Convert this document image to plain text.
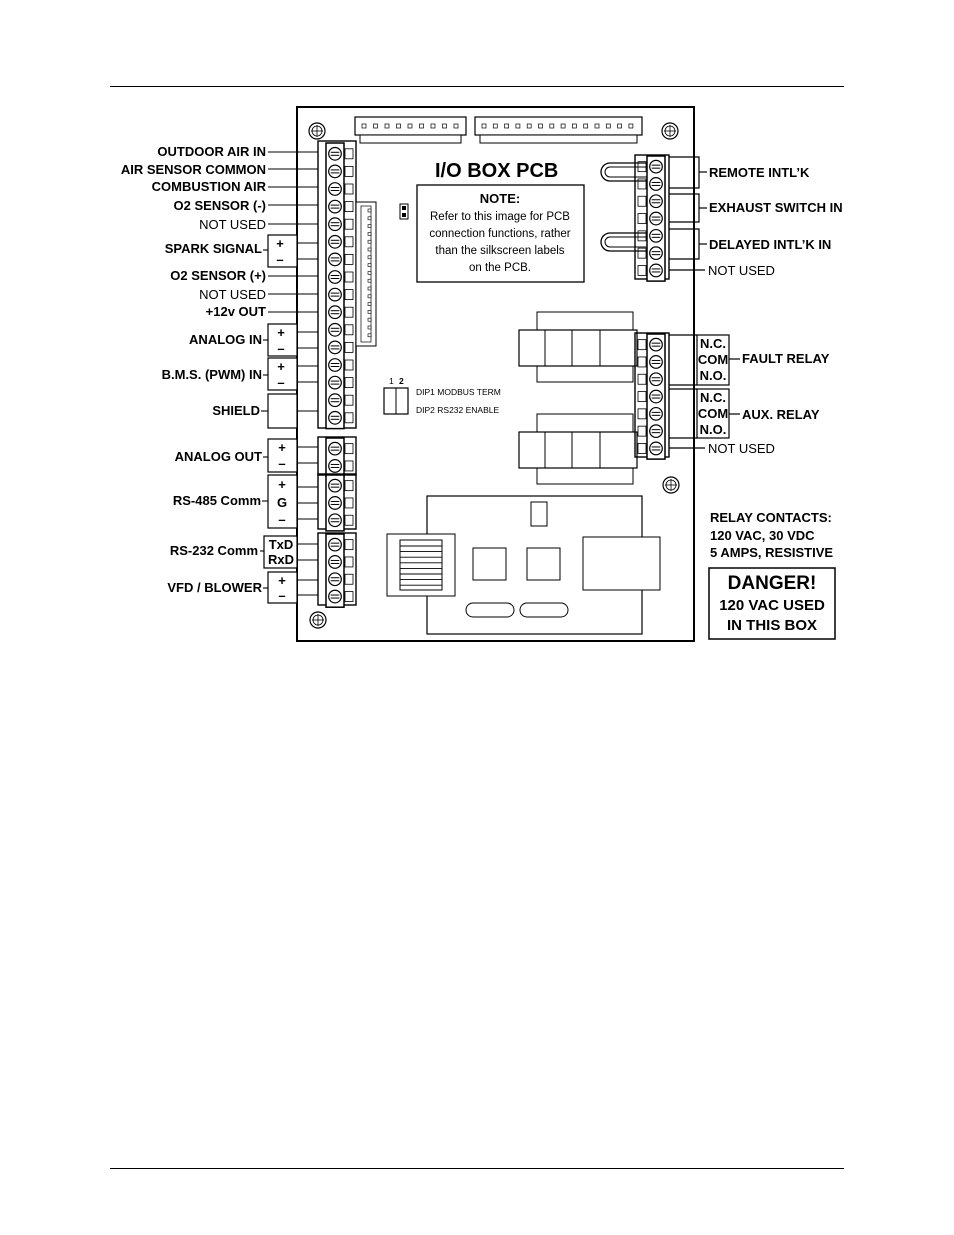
I/O BOX PCB
NOTE:
Refer to this image for PCB
connection functions, rather
than the silkscreen labels
on the PCB.
1 2
DIP1 MODBUS TERM
DIP2 RS232 ENABLE
OUTDOOR AIR IN
AIR SENSOR COMMON
COMBUSTION AIR
O2 SENSOR (-)
NOT USED
SPARK SIGNAL
O2 SENSOR (+)
NOT USED
+12v OUT
ANALOG IN
B.M.S. (PWM) IN
SHIELD
ANALOG OUT
RS-485 Comm
RS-232 Comm
VFD / BLOWER
+
–
+
–
+
–
+
–
+
G
–
TxD
RxD
+
–
REMOTE INTL’K
EXHAUST SWITCH IN
DELAYED INTL’K IN
NOT USED
N.C.
COM
N.O.
FAULT RELAY
N.C.
COM
N.O.
AUX. RELAY
NOT USED
RELAY CONTACTS:
120 VAC, 30 VDC
5 AMPS, RESISTIVE
DANGER!
120 VAC USED
IN THIS BOX
